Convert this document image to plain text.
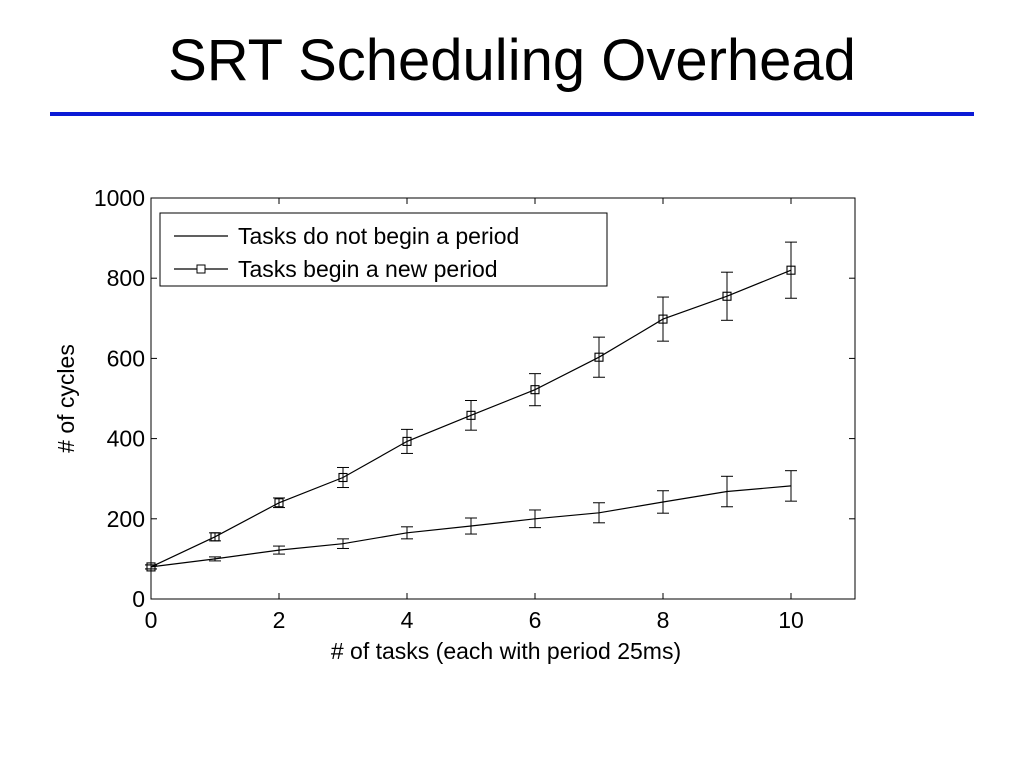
SRT Scheduling Overhead
0
200
400
600
800
1000
0	2	4	6	8	10
# of tasks (each with period 25ms)
# of cycles
Tasks do not begin a period
Tasks begin a new period
